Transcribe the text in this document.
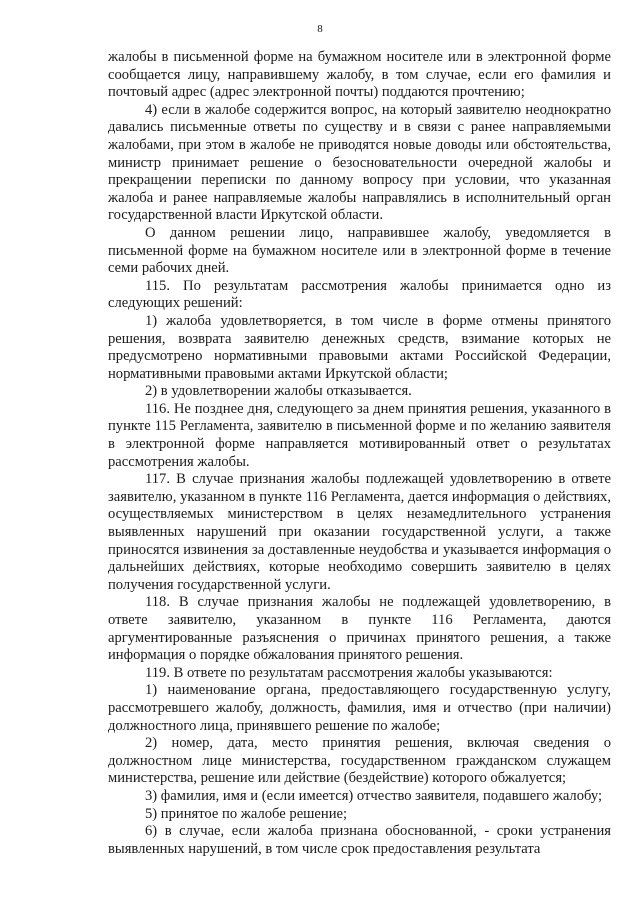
8

жалобы в письменной форме на бумажном носителе или в электронной форме сообщается лицу, направившему жалобу, в том случае, если его фамилия и почтовый адрес (адрес электронной почты) поддаются прочтению;

4) если в жалобе содержится вопрос, на который заявителю неоднократно давались письменные ответы по существу и в связи с ранее направляемыми жалобами, при этом в жалобе не приводятся новые доводы или обстоятельства, министр принимает решение о безосновательности очередной жалобы и прекращении переписки по данному вопросу при условии, что указанная жалоба и ранее направляемые жалобы направлялись в исполнительный орган государственной власти Иркутской области.

О данном решении лицо, направившее жалобу, уведомляется в письменной форме на бумажном носителе или в электронной форме в течение семи рабочих дней.

115. По результатам рассмотрения жалобы принимается одно из следующих решений:

1) жалоба удовлетворяется, в том числе в форме отмены принятого решения, возврата заявителю денежных средств, взимание которых не предусмотрено нормативными правовыми актами Российской Федерации, нормативными правовыми актами Иркутской области;

2) в удовлетворении жалобы отказывается.

116. Не позднее дня, следующего за днем принятия решения, указанного в пункте 115 Регламента, заявителю в письменной форме и по желанию заявителя в электронной форме направляется мотивированный ответ о результатах рассмотрения жалобы.

117. В случае признания жалобы подлежащей удовлетворению в ответе заявителю, указанном в пункте 116 Регламента, дается информация о действиях, осуществляемых министерством в целях незамедлительного устранения выявленных нарушений при оказании государственной услуги, а также приносятся извинения за доставленные неудобства и указывается информация о дальнейших действиях, которые необходимо совершить заявителю в целях получения государственной услуги.

118. В случае признания жалобы не подлежащей удовлетворению, в ответе заявителю, указанном в пункте 116 Регламента, даются аргументированные разъяснения о причинах принятого решения, а также информация о порядке обжалования принятого решения.

119. В ответе по результатам рассмотрения жалобы указываются:

1) наименование органа, предоставляющего государственную услугу, рассмотревшего жалобу, должность, фамилия, имя и отчество (при наличии) должностного лица, принявшего решение по жалобе;

2) номер, дата, место принятия решения, включая сведения о должностном лице министерства, государственном гражданском служащем министерства, решение или действие (бездействие) которого обжалуется;

3) фамилия, имя и (если имеется) отчество заявителя, подавшего жалобу;

5) принятое по жалобе решение;

6) в случае, если жалоба признана обоснованной, - сроки устранения выявленных нарушений, в том числе срок предоставления результата
